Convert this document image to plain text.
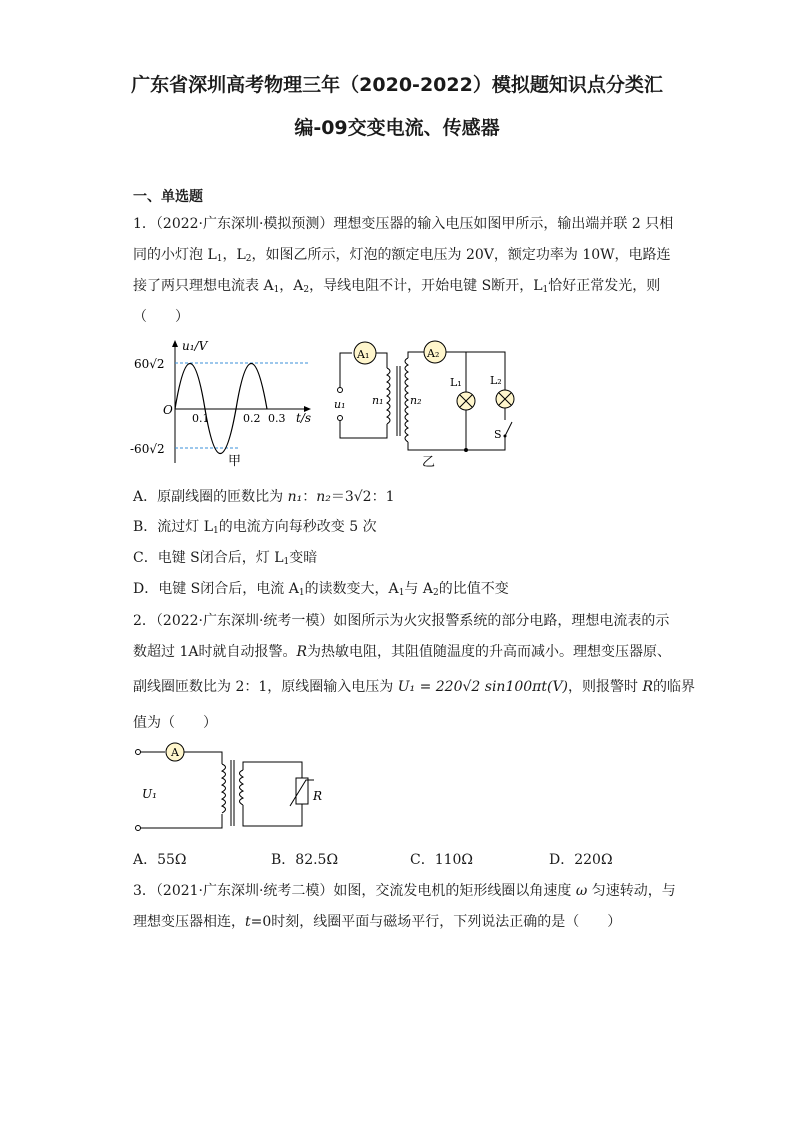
广东省深圳高考物理三年（2020-2022）模拟题知识点分类汇
编-09交变电流、传感器
一、单选题
1．（2022·广东深圳·模拟预测）理想变压器的输入电压如图甲所示，输出端并联 2 只相
同的小灯泡 $L_1$，$L_2$，如图乙所示，灯泡的额定电压为 20V，额定功率为 10W，电路连
接了两只理想电流表 $A_1$，$A_2$，导线电阻不计，开始电键 S断开，$L_1$恰好正常发光，则
（　　）
u₁/V
60√2
-60√2
O
0.1	0.2 0.3 t/s
甲
A₁
u₁ n₁ n₂
A₂
L₁	L₂
S
乙
A．原副线圈的匝数比为 n₁：n₂＝3√2：1
B．流过灯 $L_1$的电流方向每秒改变 5 次
C．电键 S闭合后，灯 $L_1$变暗
D．电键 S闭合后，电流 $A_1$的读数变大，$A_1$与 $A_2$的比值不变
2．（2022·广东深圳·统考一模）如图所示为火灾报警系统的部分电路，理想电流表的示
数超过 1A时就自动报警。R为热敏电阻，其阻值随温度的升高而减小。理想变压器原、
副线圈匝数比为 2：1，原线圈输入电压为 U₁ = 220√2 sin100πt(V)，则报警时 R的临界
值为（　　）
A
U₁	R
A．55Ω	B．82.5Ω	C．110Ω	D．220Ω
3．（2021·广东深圳·统考二模）如图，交流发电机的矩形线圈以角速度 ω 匀速转动，与
理想变压器相连，t=0时刻，线圈平面与磁场平行，下列说法正确的是（　　）
